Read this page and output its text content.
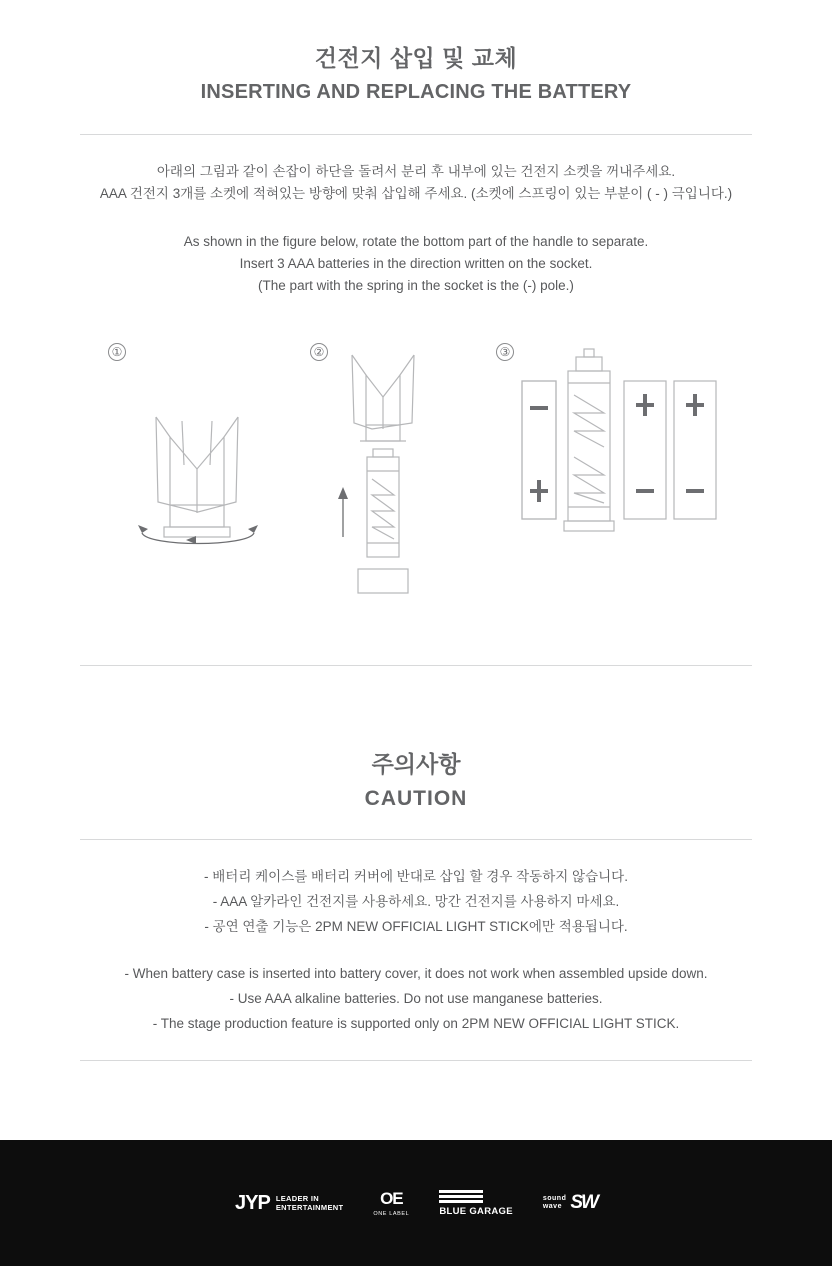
건전지 삽입 및 교체
INSERTING AND REPLACING THE BATTERY
아래의 그림과 같이 손잡이 하단을 돌려서 분리 후 내부에 있는 건전지 소켓을 꺼내주세요.
AAA 건전지 3개를 소켓에 적혀있는 방향에 맞춰 삽입해 주세요. (소켓에 스프링이 있는 부분이 ( - ) 극입니다.)
As shown in the figure below, rotate the bottom part of the handle to separate.
Insert 3 AAA batteries in the direction written on the socket.
(The part with the spring in the socket is the (-) pole.)
①	②	③
주의사항
CAUTION
- 배터리 케이스를 배터리 커버에 반대로 삽입 할 경우 작동하지 않습니다.
- AAA 알카라인 건전지를 사용하세요. 망간 건전지를 사용하지 마세요.
- 공연 연출 기능은 2PM NEW OFFICIAL LIGHT STICK에만 적용됩니다.
- When battery case is inserted into battery cover, it does not work when assembled upside down.
- Use AAA alkaline batteries. Do not use manganese batteries.
- The stage production feature is supported only on 2PM NEW OFFICIAL LIGHT STICK.
JYP LEADER IN
ENTERTAINMENT OE
ONE LABEL	BLUE GARAGE
sound
wave SW
